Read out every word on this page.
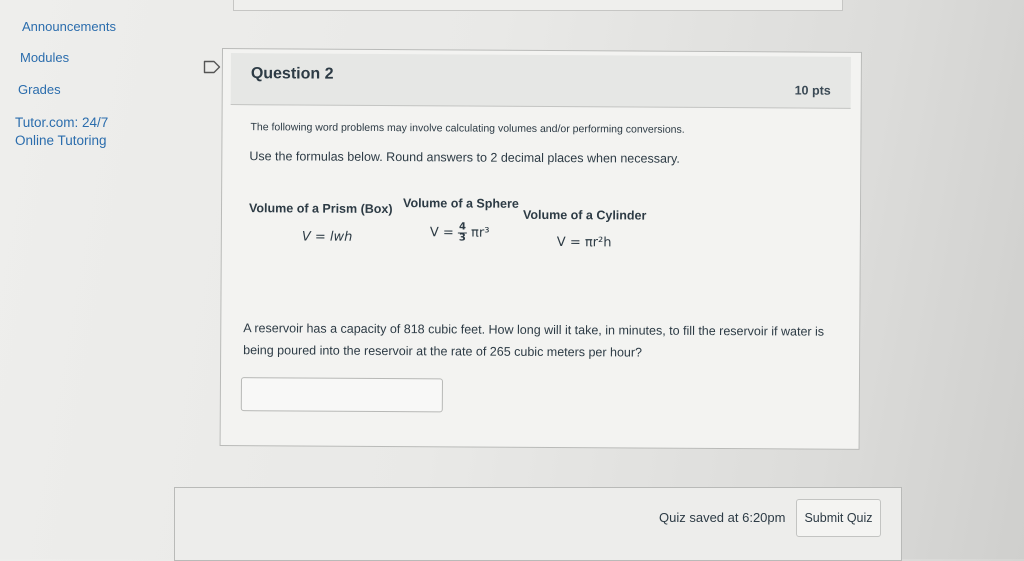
Announcements
Modules
Grades
Tutor.com: 24/7 Online Tutoring
Question 2
10 pts
The following word problems may involve calculating volumes and/or performing conversions.
Use the formulas below. Round answers to 2 decimal places when necessary.
Volume of a Prism (Box) Volume of a Sphere
Volume of a Cylinder
V = lwh	$V = \frac{4}{3} \pi r^3$
V = πr²h
A reservoir has a capacity of 818 cubic feet. How long will it take, in minutes, to fill the reservoir if water is being poured into the reservoir at the rate of 265 cubic meters per hour?
Quiz saved at 6:20pm	Submit Quiz
